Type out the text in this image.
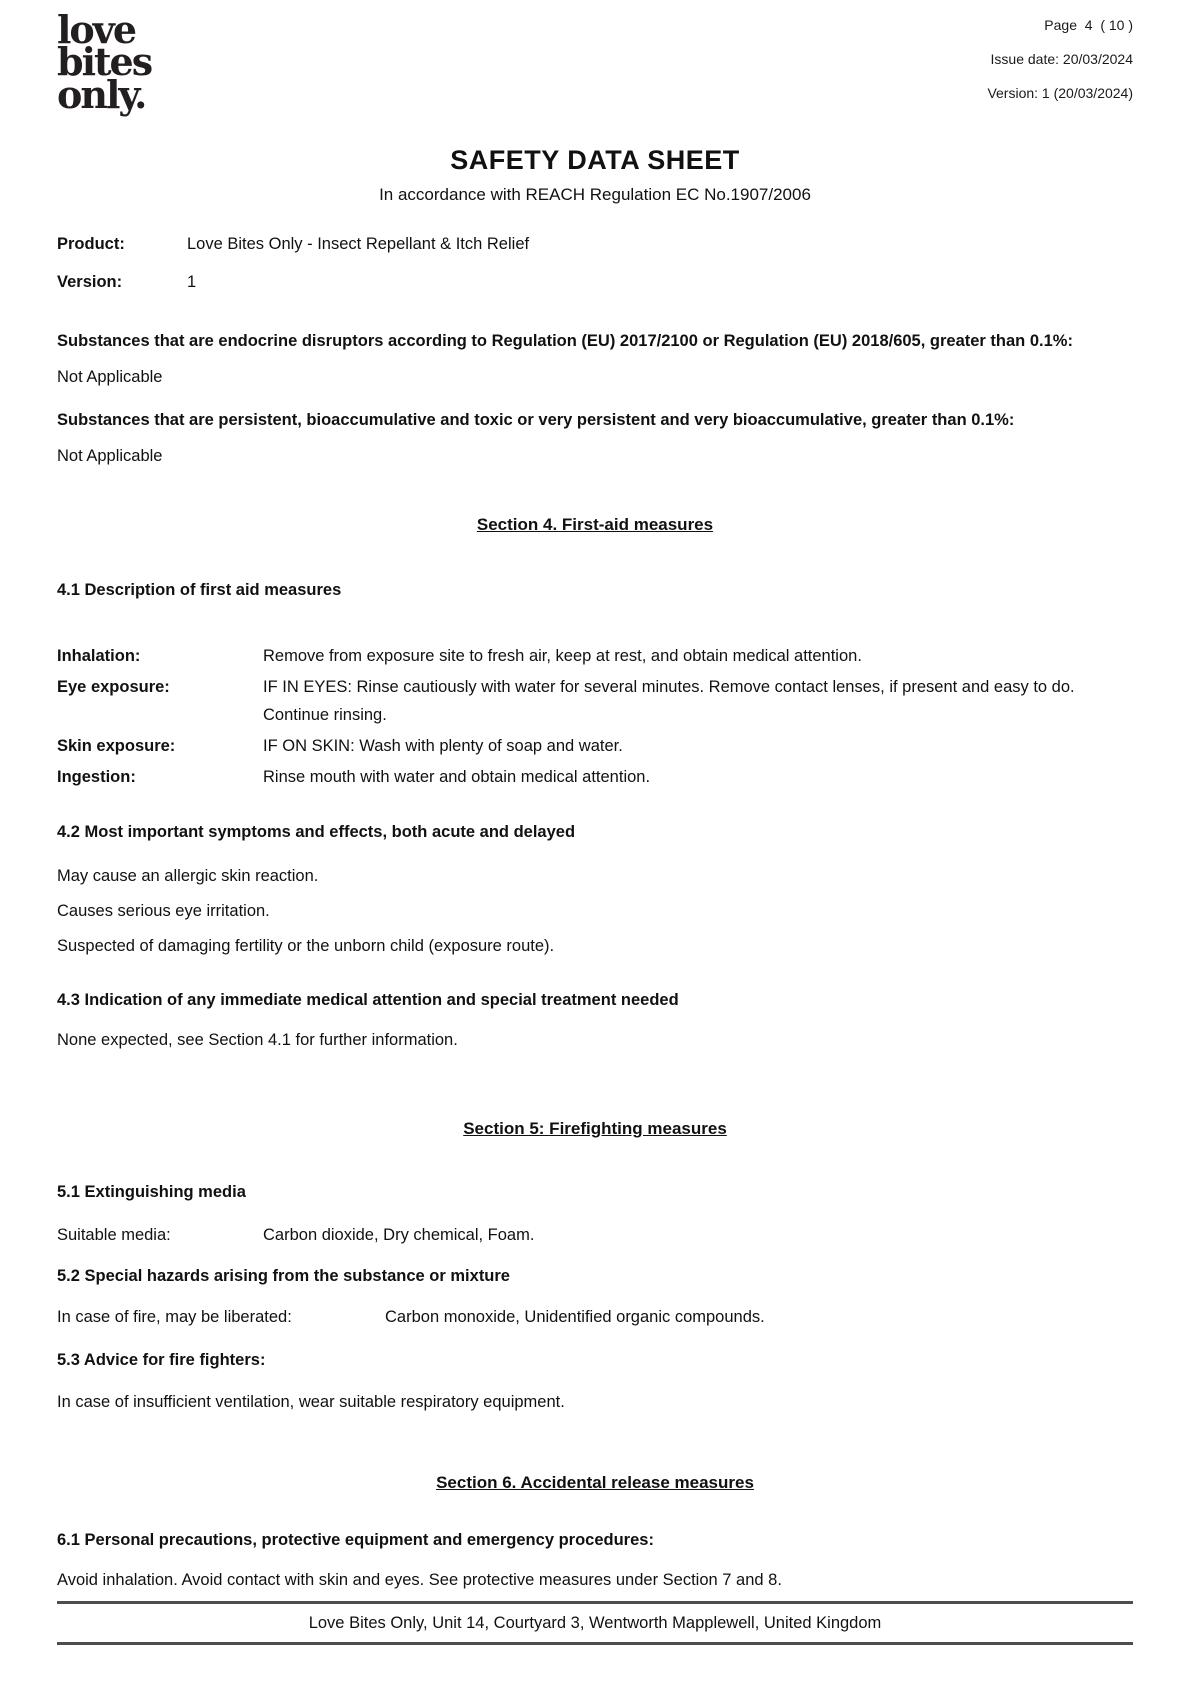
love
bites
only.
Page  4  ( 10 )
Issue date: 20/03/2024
Version: 1 (20/03/2024)
SAFETY DATA SHEET
In accordance with REACH Regulation EC No.1907/2006
Product:	Love Bites Only - Insect Repellant & Itch Relief
Version:	1
Substances that are endocrine disruptors according to Regulation (EU) 2017/2100 or Regulation (EU) 2018/605, greater than 0.1%:
Not Applicable
Substances that are persistent, bioaccumulative and toxic or very persistent and very bioaccumulative, greater than 0.1%:
Not Applicable
Section 4. First-aid measures
4.1 Description of first aid measures
Inhalation:	Remove from exposure site to fresh air, keep at rest, and obtain medical attention.
Eye exposure:	IF IN EYES: Rinse cautiously with water for several minutes. Remove contact lenses, if present and easy to do. Continue rinsing.
Skin exposure:	IF ON SKIN: Wash with plenty of soap and water.
Ingestion:	Rinse mouth with water and obtain medical attention.
4.2 Most important symptoms and effects, both acute and delayed
May cause an allergic skin reaction.
Causes serious eye irritation.
Suspected of damaging fertility or the unborn child (exposure route).
4.3 Indication of any immediate medical attention and special treatment needed
None expected, see Section 4.1 for further information.
Section 5: Firefighting measures
5.1 Extinguishing media
Suitable media:	Carbon dioxide, Dry chemical, Foam.
5.2 Special hazards arising from the substance or mixture
In case of fire, may be liberated:	Carbon monoxide, Unidentified organic compounds.
5.3 Advice for fire fighters:
In case of insufficient ventilation, wear suitable respiratory equipment.
Section 6. Accidental release measures
6.1 Personal precautions, protective equipment and emergency procedures:
Avoid inhalation. Avoid contact with skin and eyes. See protective measures under Section 7 and 8.
Love Bites Only, Unit 14, Courtyard 3, Wentworth Mapplewell, United Kingdom
